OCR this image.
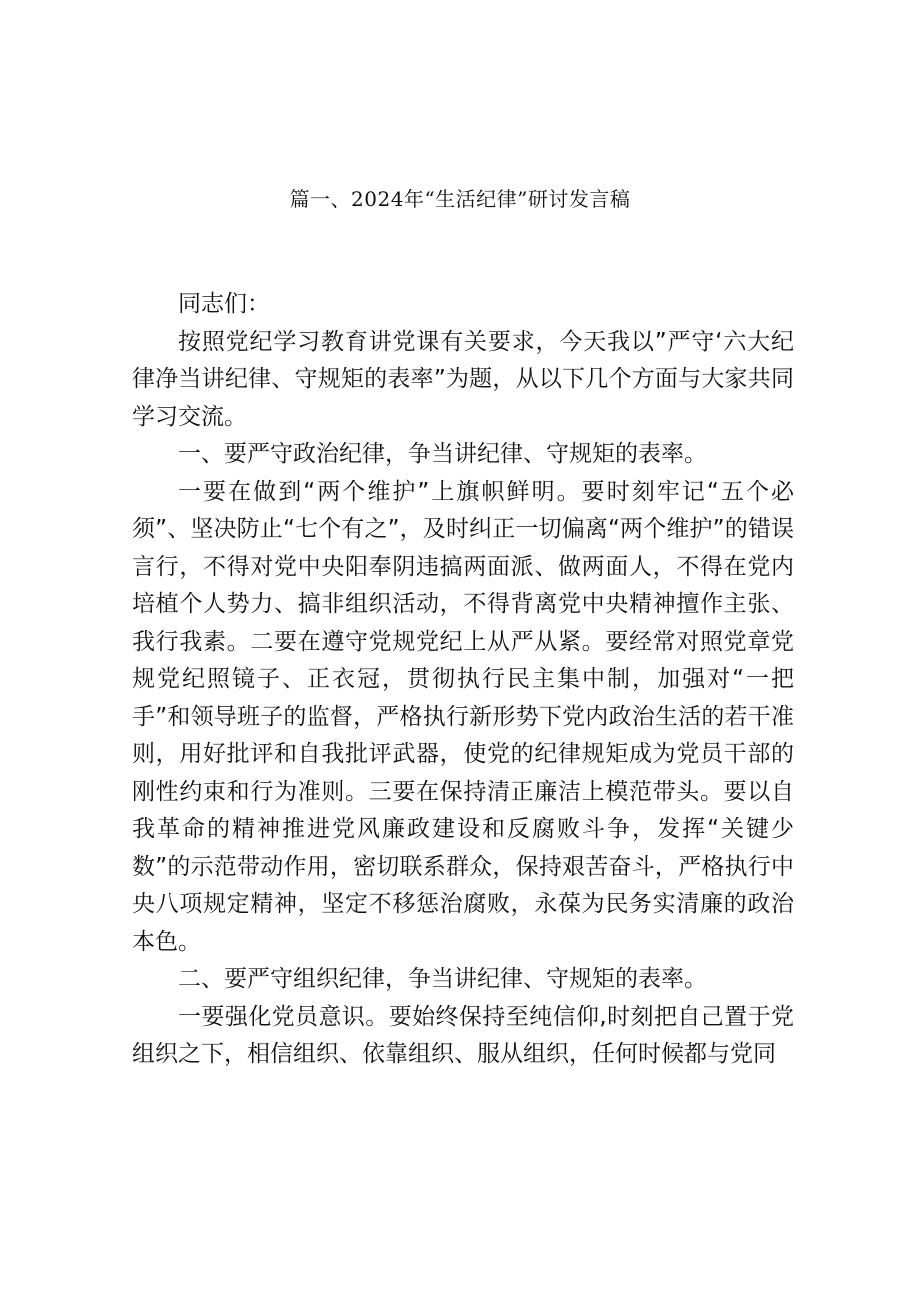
篇一、2024年“生活纪律”研讨发言稿

同志们：

按照党纪学习教育讲党课有关要求，今天我以”严守‘六大纪律净当讲纪律、守规矩的表率”为题，从以下几个方面与大家共同学习交流。

一、要严守政治纪律，争当讲纪律、守规矩的表率。

一要在做到“两个维护”上旗帜鲜明。要时刻牢记“五个必须”、坚决防止“七个有之”，及时纠正一切偏离“两个维护”的错误言行，不得对党中央阳奉阴违搞两面派、做两面人，不得在党内培植个人势力、搞非组织活动，不得背离党中央精神擅作主张、我行我素。二要在遵守党规党纪上从严从紧。要经常对照党章党规党纪照镜子、正衣冠，贯彻执行民主集中制，加强对“一把手”和领导班子的监督，严格执行新形势下党内政治生活的若干准则，用好批评和自我批评武器，使党的纪律规矩成为党员干部的刚性约束和行为准则。三要在保持清正廉洁上模范带头。要以自我革命的精神推进党风廉政建设和反腐败斗争，发挥“关键少数”的示范带动作用，密切联系群众，保持艰苦奋斗，严格执行中央八项规定精神，坚定不移惩治腐败，永葆为民务实清廉的政治本色。

二、要严守组织纪律，争当讲纪律、守规矩的表率。

一要强化党员意识。要始终保持至纯信仰,时刻把自己置于党组织之下，相信组织、依靠组织、服从组织，任何时候都与党同
